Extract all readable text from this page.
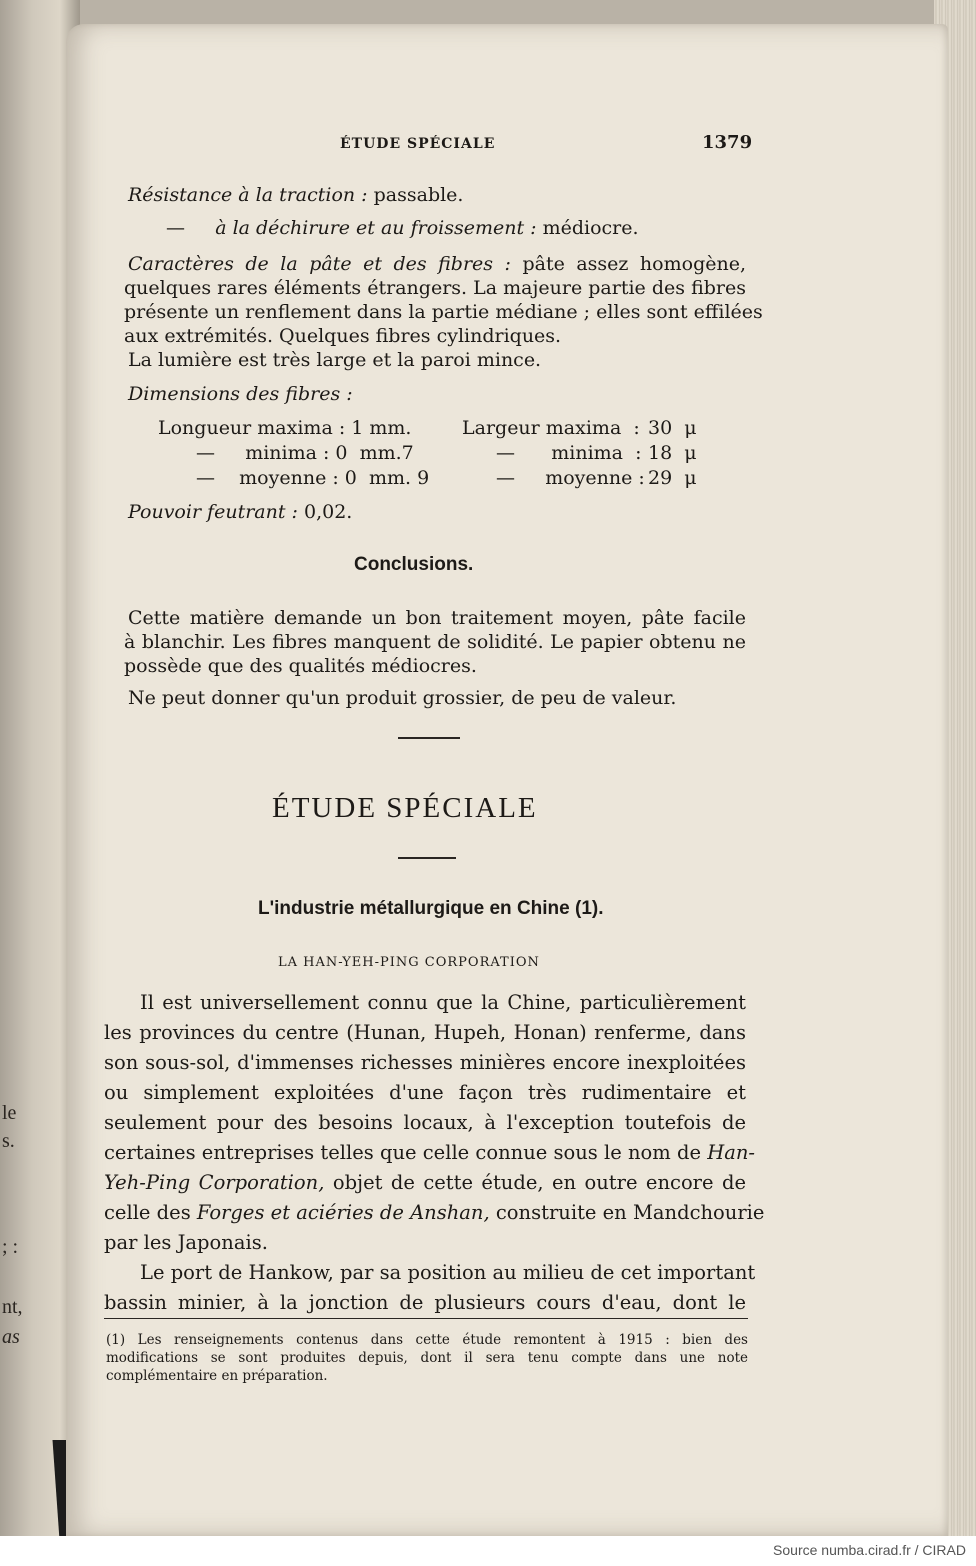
le
s.
; :
nt,
as
ÉTUDE SPÉCIALE	1379
Résistance à la traction : passable.
— à la déchirure et au froissement : médiocre.
Caractères de la pâte et des fibres : pâte assez homogène,
quelques rares éléments étrangers. La majeure partie des fibres
présente un renflement dans la partie médiane ; elles sont effilées
aux extrémités. Quelques fibres cylindriques.
La lumière est très large et la paroi mince.
Dimensions des fibres :
Longueur maxima : 1 mm.
—     minima : 0  mm.7
—    moyenne : 0  mm. 9
Largeur maxima  :
—      minima  :
—     moyenne :
30  μ
18  μ
29  μ
Pouvoir feutrant : 0,02.
Conclusions.
Cette matière demande un bon traitement moyen, pâte facile
à blanchir. Les fibres manquent de solidité. Le papier obtenu ne
possède que des qualités médiocres.
Ne peut donner qu'un produit grossier, de peu de valeur.
ÉTUDE SPÉCIALE
L'industrie métallurgique en Chine (1).
LA HAN-YEH-PING CORPORATION
Il est universellement connu que la Chine, particulièrement
les provinces du centre (Hunan, Hupeh, Honan) renferme, dans
son sous-sol, d'immenses richesses minières encore inexploitées
ou simplement exploitées d'une façon très rudimentaire et
seulement pour des besoins locaux, à l'exception toutefois de
certaines entreprises telles que celle connue sous le nom de Han-
Yeh-Ping Corporation, objet de cette étude, en outre encore de
celle des Forges et aciéries de Anshan, construite en Mandchourie
par les Japonais.
Le port de Hankow, par sa position au milieu de cet important
bassin minier, à la jonction de plusieurs cours d'eau, dont le
(1) Les renseignements contenus dans cette étude remontent à 1915 : bien des
modifications se sont produites depuis, dont il sera tenu compte dans une note
complémentaire en préparation.
Source numba.cirad.fr / CIRAD
